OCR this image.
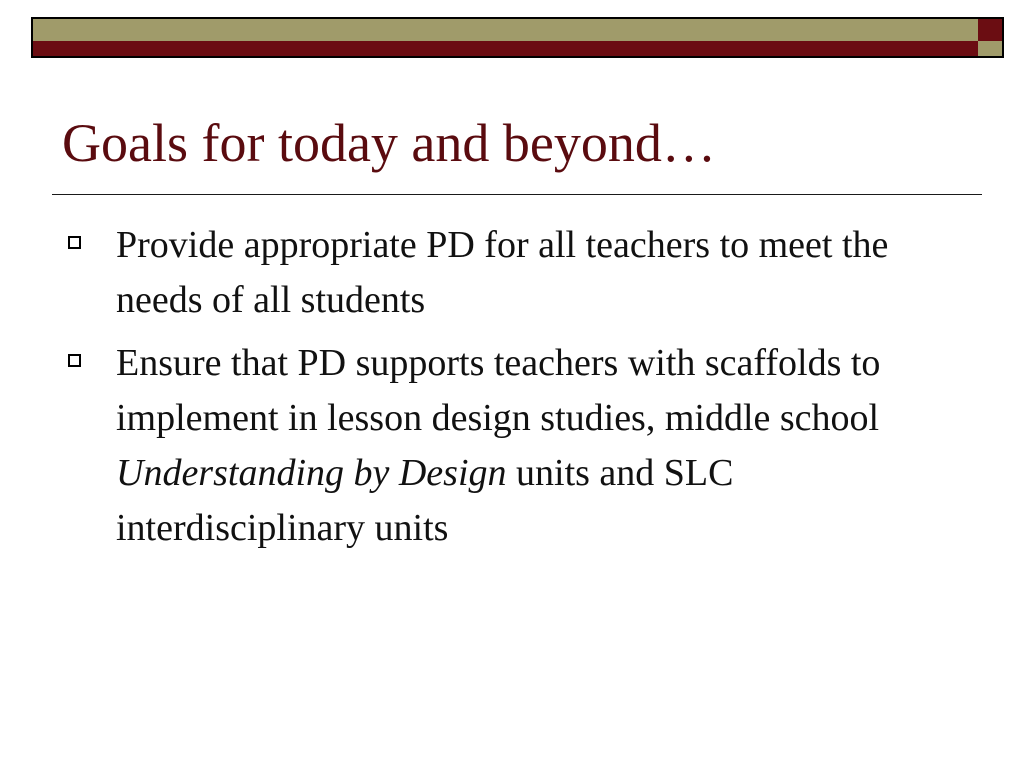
Goals for today and beyond…
Provide appropriate PD for all teachers to meet the needs of all students
Ensure that PD supports teachers with scaffolds to implement in lesson design studies, middle school Understanding by Design units and SLC interdisciplinary units
